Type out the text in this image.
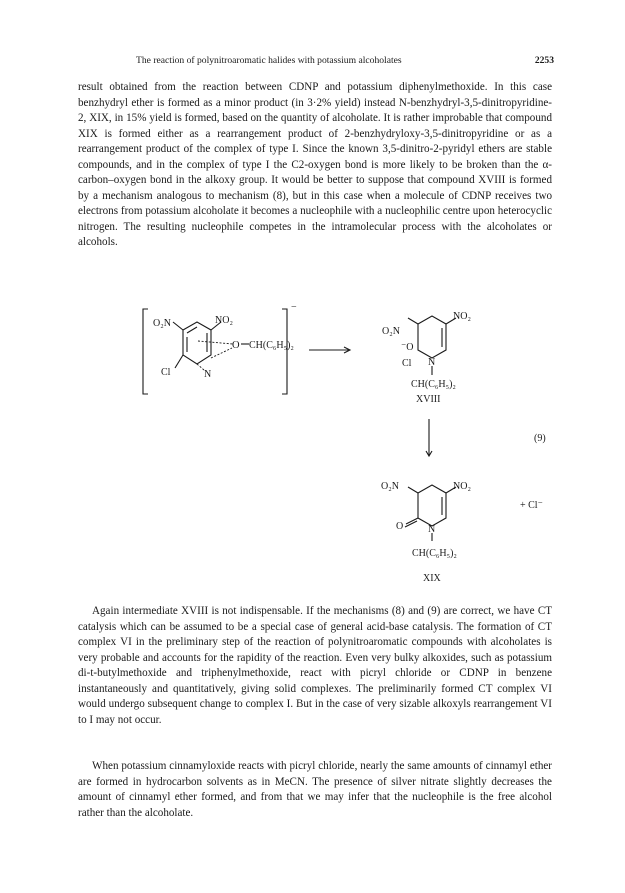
The reaction of polynitroaromatic halides with potassium alcoholates	2253

result obtained from the reaction between CDNP and potassium diphenylmethoxide. In this case benzhydryl ether is formed as a minor product (in 3·2% yield) instead N-benzhydryl-3,5-dinitropyridine-2, XIX, in 15% yield is formed, based on the quantity of alcoholate. It is rather improbable that compound XIX is formed either as a rearrangement product of 2-benzhydryloxy-3,5-dinitropyridine or as a rearrangement product of the complex of type I. Since the known 3,5-dinitro-2-pyridyl ethers are stable compounds, and in the complex of type I the C2-oxygen bond is more likely to be broken than the α-carbon–oxygen bond in the alkoxy group. It would be better to suppose that compound XVIII is formed by a mechanism analogous to mechanism (8), but in this case when a molecule of CDNP receives two electrons from potassium alcoholate it becomes a nucleophile with a nucleophilic centre upon heterocyclic nitrogen. The resulting nucleophile competes in the intramolecular process with the alcoholates or alcohols.

−
O₂N	NO₂
O CH(C₆H₅)₂
Cl	N
O₂N
NO₂
⁻O
Cl N
CH(C₆H₅)₂
XVIII
(9)
O₂N	NO₂
O N
CH(C₆H₅)₂
XIX
+ Cl⁻

Again intermediate XVIII is not indispensable. If the mechanisms (8) and (9) are correct, we have CT catalysis which can be assumed to be a special case of general acid-base catalysis. The formation of CT complex VI in the preliminary step of the reaction of polynitroaromatic compounds with alcoholates is very probable and accounts for the rapidity of the reaction. Even very bulky alkoxides, such as potassium di-t-butylmethoxide and triphenylmethoxide, react with picryl chloride or CDNP in benzene instantaneously and quantitatively, giving solid complexes. The preliminarily formed CT complex VI would undergo subsequent change to complex I. But in the case of very sizable alkoxyls rearrangement VI to I may not occur.

When potassium cinnamyloxide reacts with picryl chloride, nearly the same amounts of cinnamyl ether are formed in hydrocarbon solvents as in MeCN. The presence of silver nitrate slightly decreases the amount of cinnamyl ether formed, and from that we may infer that the nucleophile is the free alcohol rather than the alcoholate.
